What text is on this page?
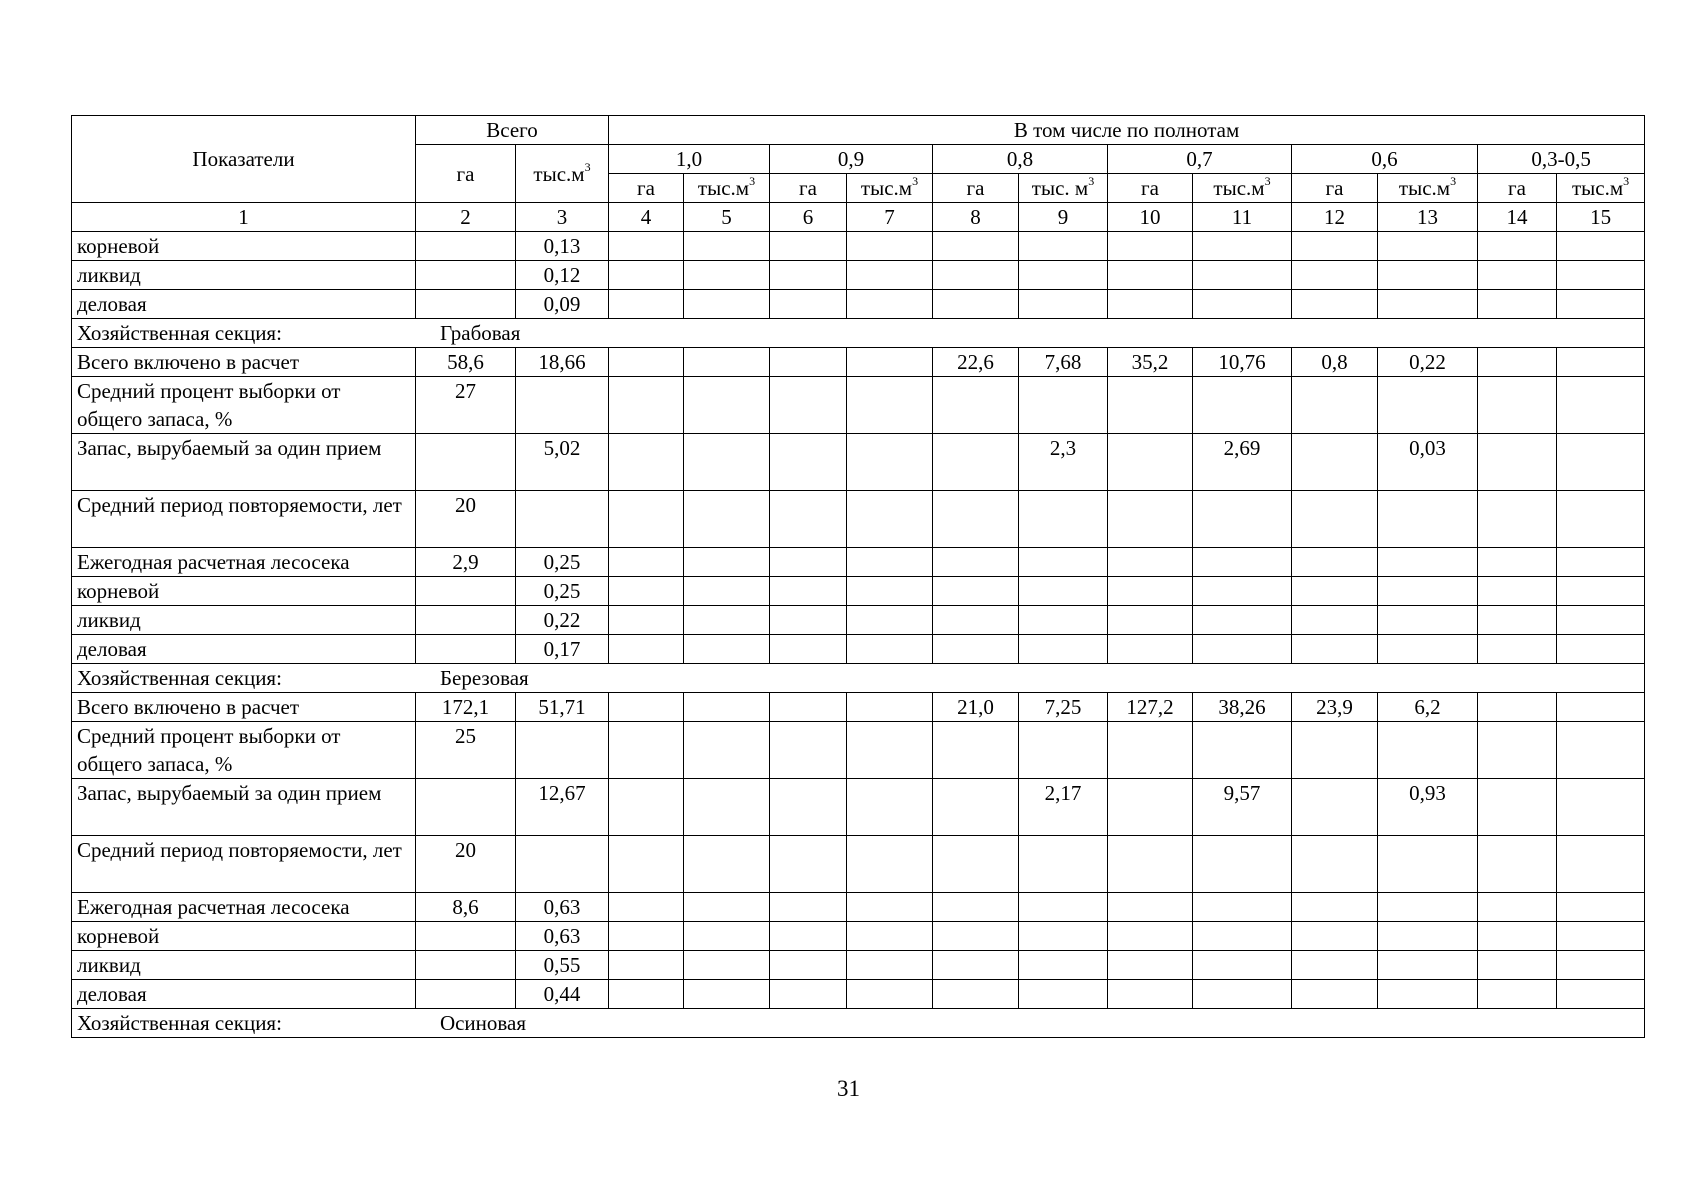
Показатели	Всего		В том числе по полнотам											
	га	$тыс.м^3$	1,0		0,9		0,8		0,7		0,6		0,3-0,5	
			га	$тыс.м^3$	га	$тыс.м^3$	га	тыс. $м^3$	га	$тыс.м^3$	га	$тыс.м^3$	га	$тыс.м^3$
1	2	3	4	5	6	7	8	9	10	11	12	13	14	15
корневой		0,13												
ликвид		0,12												
деловая		0,09												
Хозяйственная секция: Грабовая														
Всего включено в расчет	58,6	18,66					22,6	7,68	35,2	10,76	0,8	0,22		
Средний процент выборки от общего запаса, %	27													
Запас, вырубаемый за один прием		5,02						2,3		2,69		0,03		
Средний период повторяемости, лет	20													
Ежегодная расчетная лесосека	2,9	0,25												
корневой		0,25												
ликвид		0,22												
деловая		0,17												
Хозяйственная секция: Березовая														
Всего включено в расчет	172,1	51,71					21,0	7,25	127,2	38,26	23,9	6,2		
Средний процент выборки от общего запаса, %	25													
Запас, вырубаемый за один прием		12,67						2,17		9,57		0,93		
Средний период повторяемости, лет	20													
Ежегодная расчетная лесосека	8,6	0,63												
корневой		0,63												
ликвид		0,55												
деловая		0,44												
Хозяйственная секция: Осиновая														
31
